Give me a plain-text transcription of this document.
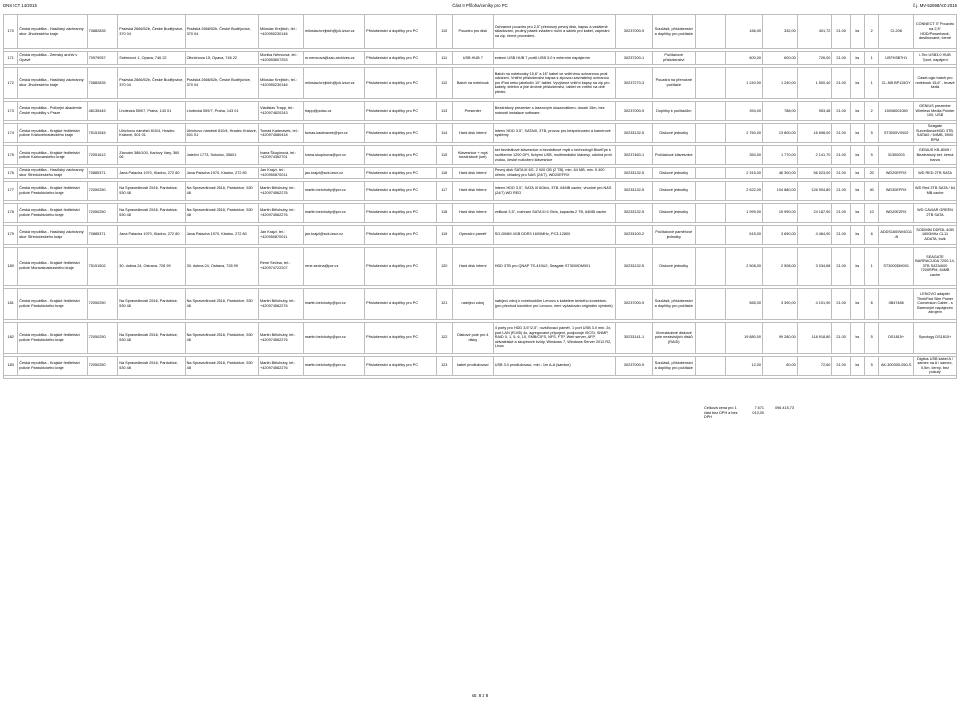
DNS ICT 14/2015	Část II Příloha/ceníky pro PC	č.j. MV-52698/VZ-2015
170	Česká republika - Hasičský záchranný sbor Jihočeského kraje	70882835	Pražská 2666/52b, České Budějovice, 370 04	Pražská 2666/52b, České Budějovice, 370 04	Miloslav Krejbich, tel.: +420950230146	miloslav.krejbich@jck.izscr.cz	Příslušenství a doplňky pro PC	110	Pouzdro pro disk	Ochranné pouzdro pro 2,5" přenosný pevný disk, kapsu a vzdálené skladování, pružný pásek zvlažení ruční a sáček pro kabel, zapínání na zip, černé provedení.	30237000-9	Součásti, příslušenství a doplňky pro počítače		166,00	332,00	401,72	21.00	ks	2	CI-206	CONNECT IT Pouzdro na 2,5" HDD/Powerbank, destinované, černé

171	Česká republika - Zemský archiv v Opavě	70979057	Sněmovní 1, Opava, 746 22	Olbrichova 15, Opava, 746 22	Monika Němcová, tel.: +420553607253	m.nemcova@zao.archives.cz	Příslušenství a doplňky pro PC	111	USB HUB 7	externí USB HUB 7 portů USB 3.0 s externím napájením	30237200-1	Počítačové příslušenství		600,00	600,00	726,00	21.00	ks	1	USFH3B7H1	i-Tec USB3.0 HUB 7port, napájení

172	Česká republika - Hasičský záchranný sbor Jihočeského kraje	70882835	Pražská 2666/52b, České Budějovice, 370 04	Pražská 2666/52b, České Budějovice, 370 04	Miloslav Krejbich, tel.: +420950230146	miloslav.krejbich@jck.izscr.cz	Příslušenství a doplňky pro PC	112	Batoh na notebook	Batoh na notebooky 15,6" a 16" kabel ve vnitřnímu ochrannou proti odcizení. Vnitřní příslušenství kapsa s zipovou zavíratelný ochranou pro iPad nebo jakékoliv 10" tablet. Vyvýšené vnitřní kapsy na zip pro kabely, telefon a jiné drobné příslušenství, tablet ve vnitřní na dně přední.	30237270-3	Pouzdra na přenosné počítače		1 240,00	1 240,00	1 500,40	21.00	ks	1	CL-NB.BP115GY	CaseLogic batoh pro notebook 15,6" - tmavě šedá

173	Česká republika - Policejní akademie České republiky v Praze	48135445	Lhotecká 559/7, Praha, 143 01	Lhotecká 559/7, Praha, 143 01	Vladislav Trapp, tel.: +420974820243	trapp@polac.cz	Příslušenství a doplňky pro PC	113	Presenter	Bezdrátový prezenter s laserovým ukazovátkem, dosah 15m, bez nutnosti instalace software.	30237000-9	Doplňky k počítačům		394,00	788,00	953,48	21.00	ks	2	15008001050	GENIUS prezenter Wireless Media Pointer 100, USB

174	Česká republika - Krajské ředitelství policie Královéhradeckého kraje	75151545	Ulrichovo náměstí 810/4, Hradec Králové, 501 01	Ulrichovo náměstí 810/4, Hradec Králové, 501 01	Tomáš Kaderávek, tel.: +420974580418	tomas.kaderavek@pcr.cz	Příslušenství a doplňky pro PC	114	Hard disk interní	Interní HDD 3,5", SATAIII, 3TB, provoz pro bezpečnostní a kamerové systémy	30233132-5	Diskové jednotky		2 760,00	13 800,00	16 698,00	21.00	ks	5	ST3000VX002	Seagate SurveillanceHDD 3TB, SATAIII / 64MB, 5900 RPM

175	Česká republika - Krajské ředitelství policie Karlovarského kraje	72051612	Závodní 386/100, Karlovy Vary, 360 06	Jateční 1773, Sokolov, 35601	Ivana Škupinová, tel.: +420974362701	ivana.skupinova@pcr.cz	Příslušenství a doplňky pro PC	115	Klávesnice + myš bezdrátové (set)	set bezdrátové klávesnice a bezdrátové myši s technologií BlueEye s rozlišením 1200 DPI, tichými USB, multimediální klávesy, odolná proti vodou, české rozložení klávesnice	30237460-1	Počítačové klávesnice		354,00	1 770,00	2 141,70	21.00	ks	5	31300003	GENIUS KB-8005 / Bezdrátový set, černá barva

176	Česká republika - Hasičský záchranný sbor Středočeského kraje	70885371	Jana Palacha 1970, Kladno, 272 80	Jana Palacha 1970, Kladno, 272 80	Jan Krajzl, tel.: +420950870011	jan.krajzl@sck.izscr.cz	Příslušenství a doplňky pro PC	116	Hard disk interní	Pevný disk SATA III 6G, 2 000 GB (2 TB), min. 64 MB, min. 5 400 ot/min, chladný pro NAS (24/7), WD20EFRX	30233132-5	Diskové jednotky		2 315,00	46 300,00	56 023,00	21.00	ks	20	WD20EFRX	WD RED 2TB SATA

177	Česká republika - Krajské ředitelství policie Pardubického kraje	72050250	Na Spravedlnosti 2516, Pardubice, 530 48	Na Spravedlnosti 2516, Pardubice, 530 48	Martin Bělohuby, tel.: +420974562276	martin.belohuby@pcr.cz	Příslušenství a doplňky pro PC	117	Hard disk interní	Interní HDD 3,5", SATA III 6Gb/s, 3TB, 64MB cache, vhodné pro NAS (24/7) WD RED	30233132-5	Diskové jednotky		2 622,00	104 880,00	126 904,80	21.00	ks	40	WD30EFRX	WD Red 3TB SATA / 64 MB cache

178	Česká republika - Krajské ředitelství policie Pardubického kraje	72050250	Na Spravedlnosti 2516, Pardubice, 530 48	Na Spravedlnosti 2516, Pardubice, 530 48	Martin Bělohuby, tel.: +420974562276	martin.belohuby@pcr.cz	Příslušenství a doplňky pro PC	118	Hard disk interní	velikost 3,5", rozhraní SATA III 6 Gb/s, kapacita 2 TB, 64MB cache	30233132-5	Diskové jednotky		1 999,00	19 990,00	24 187,90	21.00	ks	10	WD20EZRX	WD CAVIAR GREEN 2TB SATA

179	Česká republika - Hasičský záchranný sbor Středočeského kraje	70885371	Jana Palacha 1970, Kladno, 272 80	Jana Palacha 1970, Kladno, 272 80	Jan Krajzl, tel.: +420950870011	jan.krajzl@sck.izscr.cz	Příslušenství a doplňky pro PC	119	Operační paměť	SO-DIMM 4GB DDR3 1600MHz, PC3-12800	30233100-2	Počítačové paměťové jednotky		615,00	3 690,00	4 464,90	21.00	ks	6	ADDS1600W4G11-B	SODIMM DDR3L 4GB 1600MHz CL11 ADATA, bulk

180	Česká republika - Krajské ředitelství policie Moravskoslezského kraje	75151502	30. dubna 24, Ostrava, 728 99	30. dubna 24, Ostrava, 728 99	René Sečina, tel.: +420974722207	rene.secina@pcr.cz	Příslušenství a doplňky pro PC	120	Hard disk interní	HDD 3TB pro QNAP TS-419U2, Seagate ST3000DM001	30233132-5	Diskové jednotky		2 508,00	2 508,00	3 034,68	21.00	ks	1	ST3000DM001	SEAGATE BARRACUDA 7200.14, 3TB SATA/600 7200RPM, 64MB cache

181	Česká republika - Krajské ředitelství policie Pardubického kraje	72050250	Na Spravedlnosti 2516, Pardubice, 530 48	Na Spravedlnosti 2516, Pardubice, 530 48	Martin Bělohuby, tel.: +420974562276	martin.belohuby@pcr.cz	Příslušenství a doplňky pro PC	121	nabíjecí zdroj	nabíjecí zdroj k notebookům Lenovo s kabelem tenkého konektoru (pro přechod konektor pro Lenovo, není vyžadován originální výrobek)	30237000-9	Součásti, příslušenství a doplňky pro počítače		565,00	3 390,00	4 101,90	21.00	ks	6	0B47486	LENOVO adaptér ThinkPad Slim Power Conversion Cable - s Barevným napájecím zdrojem

182	Česká republika - Krajské ředitelství policie Pardubického kraje	72050250	Na Spravedlnosti 2516, Pardubice, 530 48	Na Spravedlnosti 2516, Pardubice, 530 48	Martin Bělohuby, tel.: +420974562276	martin.belohuby@pcr.cz	Příslušenství a doplňky pro PC	122	Diskové pole pro 4 disky	4 porty pro HDD 3,5"/2,5", rozšiřovací paměť, 1 port USB 3.0 min. 2x, port LAN (RJ45) 4x, agregované připojení, podporuje iSCSI, SNMP, RAID 0, 1, 5, 6, 10, SMB/CIFS, NFS, FTP, Web server, AFP, uživatelské a skupinové kvóty, Windows 7, Windows Server 2012 R2, Linux	30233141-1	Vícenásobné diskové pole nezávislých disků (RAID)		19 880,00	99 280,00	118 918,80	21.00	ks	5	DS1815+	Synology DS1815+

183	Česká republika - Krajské ředitelství policie Pardubického kraje	72050250	Na Spravedlnosti 2516, Pardubice, 530 48	Na Spravedlnosti 2516, Pardubice, 530 48	Martin Bělohuby, tel.: +420974562276	martin.belohuby@pcr.cz	Příslušenství a doplňky pro PC	123	kabel prodlužovací	USB 3.0 prodlužovací, min.: 1m A-A (samice)	30237000-9	Součásti, příslušenství a doplňky pro počítače		12,00	60,00	72,60	21.00	ks	5	AK-300300-050-S	Digitus USB kabel A / samec na A / samec, 0,5m, černý, bez pokuty

Celková cena pro 1 část bez DPH a bez DPH
7 671 013,00
096 415,73
str. 8 z 8
